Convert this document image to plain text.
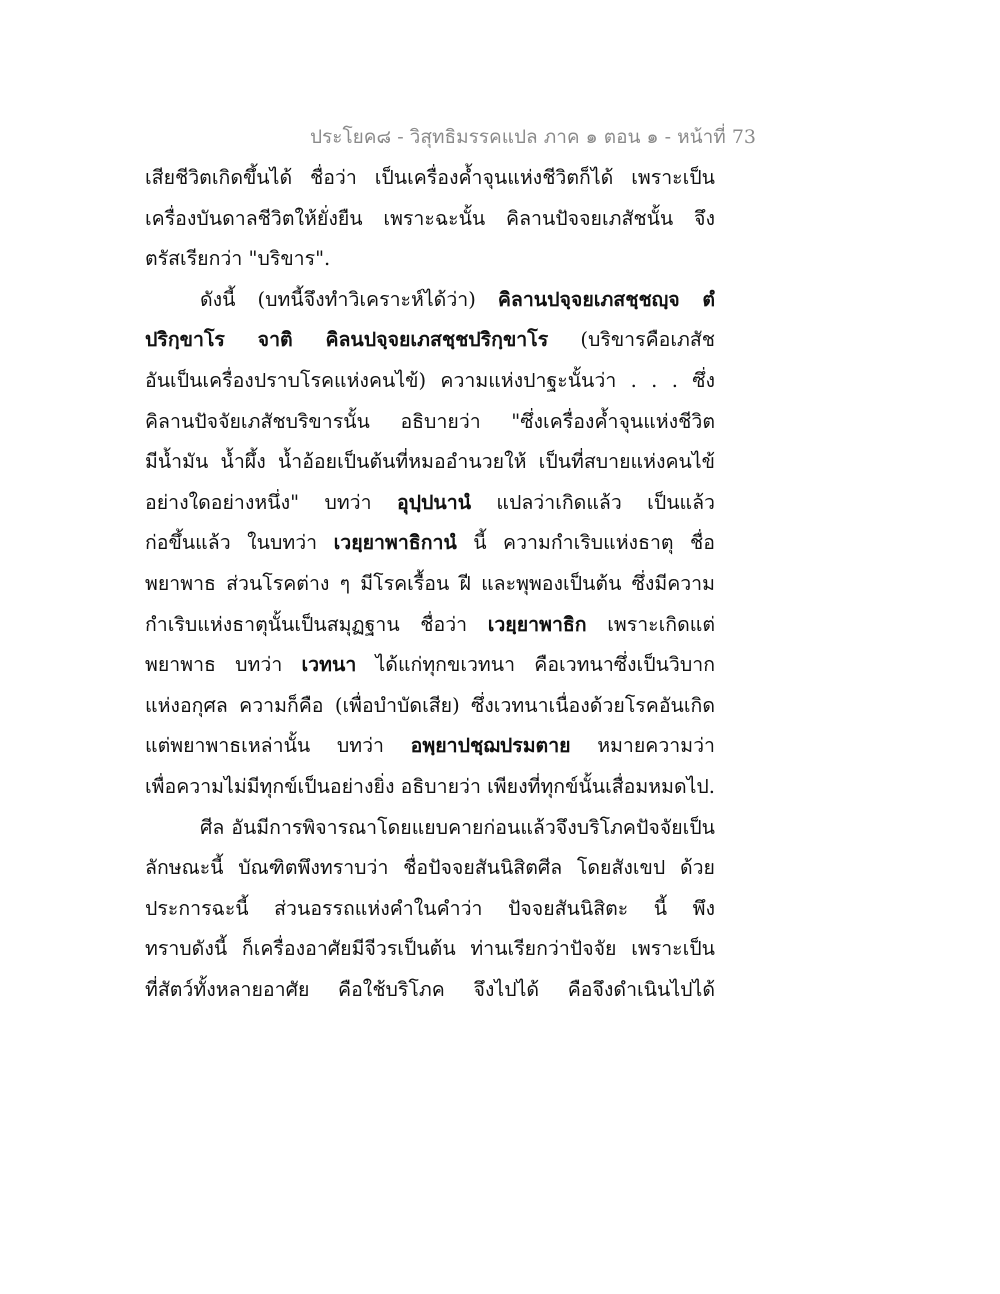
ประโยค๘ - วิสุทธิมรรคแปล ภาค ๑ ตอน ๑ - หน้าที่ 73
เสียชีวิตเกิดขึ้นได้ ชื่อว่า เป็นเครื่องค้ำจุนแห่งชีวิตก็ได้ เพราะเป็น
เครื่องบันดาลชีวิตให้ยั่งยืน เพราะฉะนั้น คิลานปัจจยเภสัชนั้น จึง
ตรัสเรียกว่า "บริขาร".
ดังนี้ (บทนี้จึงทำวิเคราะห์ได้ว่า) คิลานปจฺจยเภสชฺชญฺจ ตํ
ปริกฺขาโร จาติ คิลนปจฺจยเภสชฺชปริกฺขาโร (บริขารคือเภสัช
อันเป็นเครื่องปราบโรคแห่งคนไข้) ความแห่งปาฐะนั้นว่า . . . ซึ่ง
คิลานปัจจัยเภสัชบริขารนั้น อธิบายว่า "ซึ่งเครื่องค้ำจุนแห่งชีวิต
มีน้ำมัน น้ำผึ้ง น้ำอ้อยเป็นต้นที่หมออำนวยให้ เป็นที่สบายแห่งคนไข้
อย่างใดอย่างหนึ่ง" บทว่า อุปฺปนานํ แปลว่าเกิดแล้ว เป็นแล้ว
ก่อขึ้นแล้ว ในบทว่า เวยฺยาพาธิกานํ นี้ ความกำเริบแห่งธาตุ ชื่อ
พยาพาธ ส่วนโรคต่าง ๆ มีโรคเรื้อน ฝี และพุพองเป็นต้น ซึ่งมีความ
กำเริบแห่งธาตุนั้นเป็นสมุฏฐาน ชื่อว่า เวยฺยาพาธิก เพราะเกิดแต่
พยาพาธ บทว่า เวทนา ได้แก่ทุกขเวทนา คือเวทนาซึ่งเป็นวิบาก
แห่งอกุศล ความก็คือ (เพื่อบำบัดเสีย) ซึ่งเวทนาเนื่องด้วยโรคอันเกิด
แต่พยาพาธเหล่านั้น บทว่า อพฺยาปชฺฌปรมตาย หมายความว่า
เพื่อความไม่มีทุกข์เป็นอย่างยิ่ง อธิบายว่า เพียงที่ทุกข์นั้นเสื่อมหมดไป.
ศีล อันมีการพิจารณาโดยแยบคายก่อนแล้วจึงบริโภคปัจจัยเป็น
ลักษณะนี้ บัณฑิตพึงทราบว่า ชื่อปัจจยสันนิสิตศีล โดยสังเขป ด้วย
ประการฉะนี้ ส่วนอรรถแห่งคำในคำว่า ปัจจยสันนิสิตะ นี้ พึง
ทราบดังนี้ ก็เครื่องอาศัยมีจีวรเป็นต้น ท่านเรียกว่าปัจจัย เพราะเป็น
ที่สัตว์ทั้งหลายอาศัย คือใช้บริโภค จึงไปได้ คือจึงดำเนินไปได้
